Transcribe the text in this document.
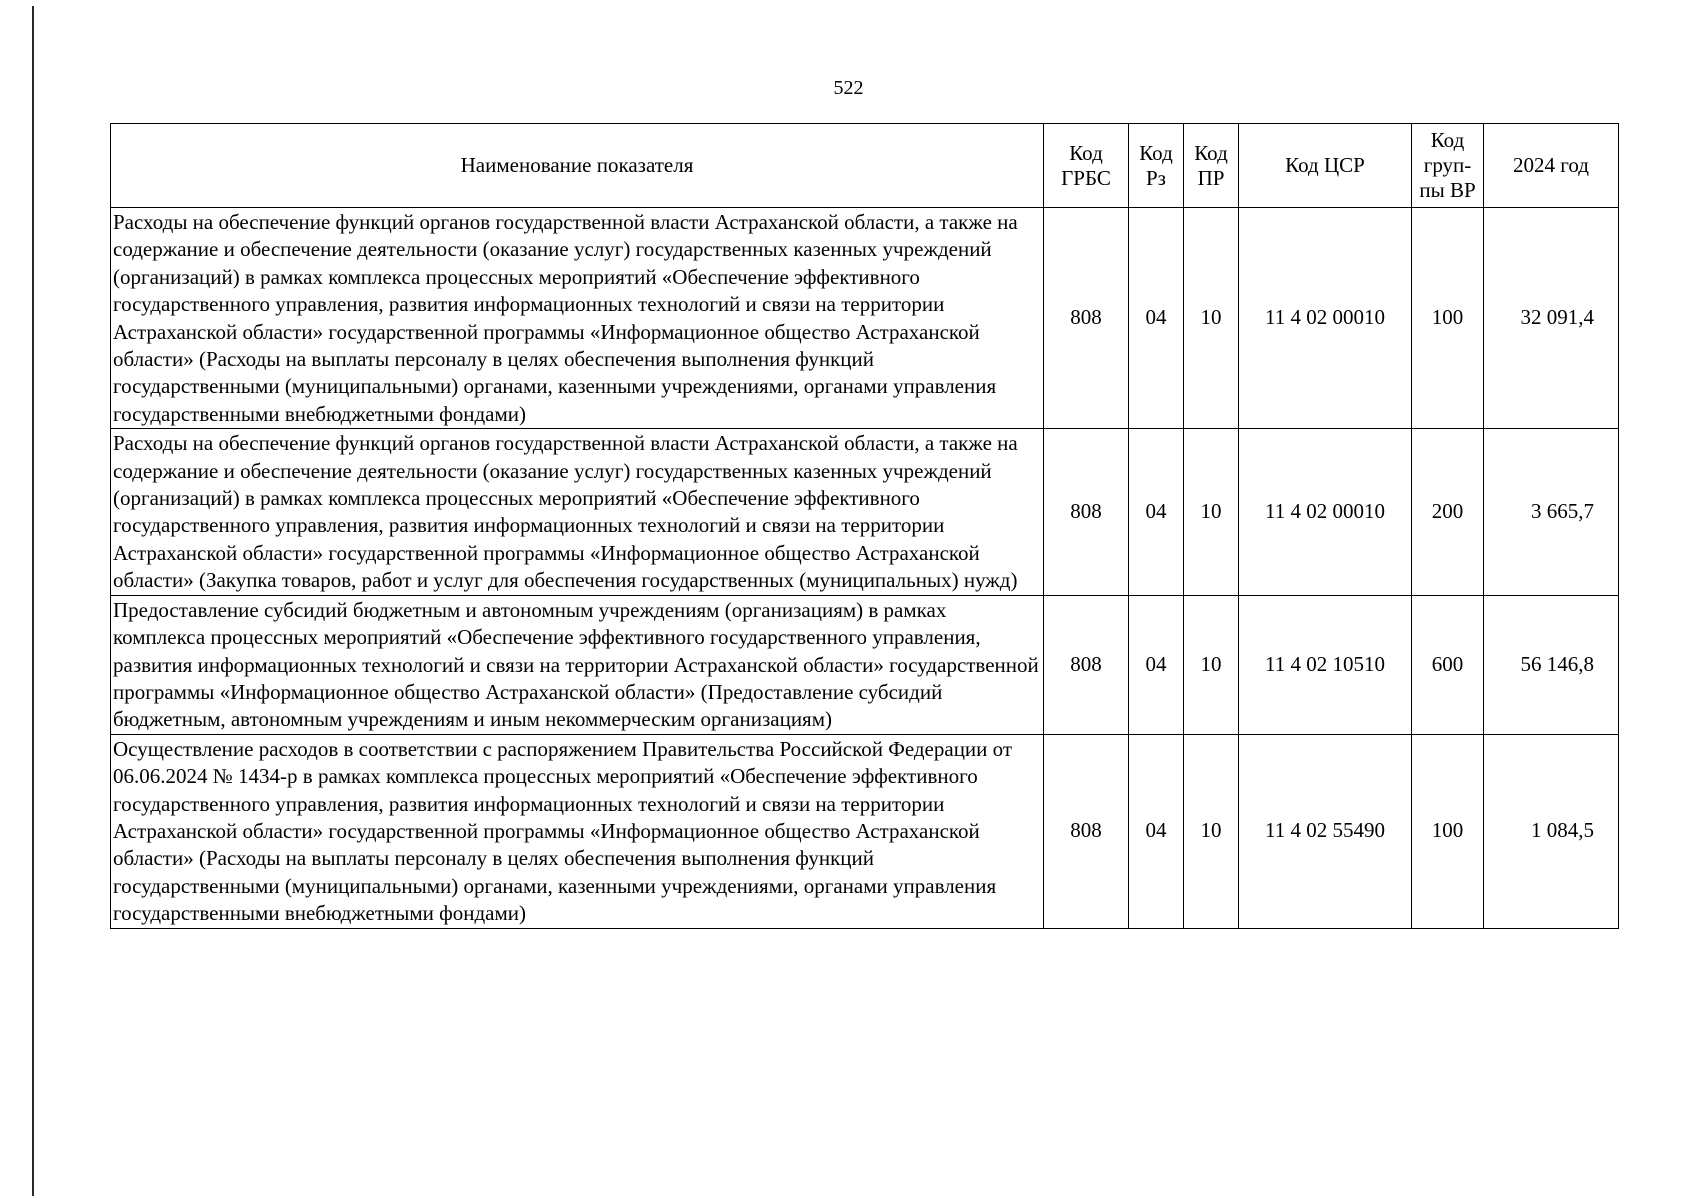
522
Наименование показателя	Код ГРБС	Код Рз	Код ПР	Код ЦСР	Код груп-пы ВР	2024 год
Расходы на обеспечение функций органов государственной власти Астраханской области, а также на содержание и обеспечение деятельности (оказание услуг) государственных казенных учреждений (организаций) в рамках комплекса процессных мероприятий «Обеспечение эффективного государственного управления, развития информационных технологий и связи на территории Астраханской области» государственной программы «Информационное общество Астраханской области» (Расходы на выплаты персоналу в целях обеспечения выполнения функций государственными (муниципальными) органами, казенными учреждениями, органами управления государственными внебюджетными фондами)	808	04	10	11 4 02 00010	100	32 091,4
Расходы на обеспечение функций органов государственной власти Астраханской области, а также на содержание и обеспечение деятельности (оказание услуг) государственных казенных учреждений (организаций) в рамках комплекса процессных мероприятий «Обеспечение эффективного государственного управления, развития информационных технологий и связи на территории Астраханской области» государственной программы «Информационное общество Астраханской области» (Закупка товаров, работ и услуг для обеспечения государственных (муниципальных) нужд)	808	04	10	11 4 02 00010	200	3 665,7
Предоставление субсидий бюджетным и автономным учреждениям (организациям) в рамках комплекса процессных мероприятий «Обеспечение эффективного государственного управления, развития информационных технологий и связи на территории Астраханской области» государственной программы «Информационное общество Астраханской области» (Предоставление субсидий бюджетным, автономным учреждениям и иным некоммерческим организациям)	808	04	10	11 4 02 10510	600	56 146,8
Осуществление расходов в соответствии с распоряжением Правительства Российской Федерации от 06.06.2024 № 1434-р в рамках комплекса процессных мероприятий «Обеспечение эффективного государственного управления, развития информационных технологий и связи на территории Астраханской области» государственной программы «Информационное общество Астраханской области» (Расходы на выплаты персоналу в целях обеспечения выполнения функций государственными (муниципальными) органами, казенными учреждениями, органами управления государственными внебюджетными фондами)	808	04	10	11 4 02 55490	100	1 084,5
